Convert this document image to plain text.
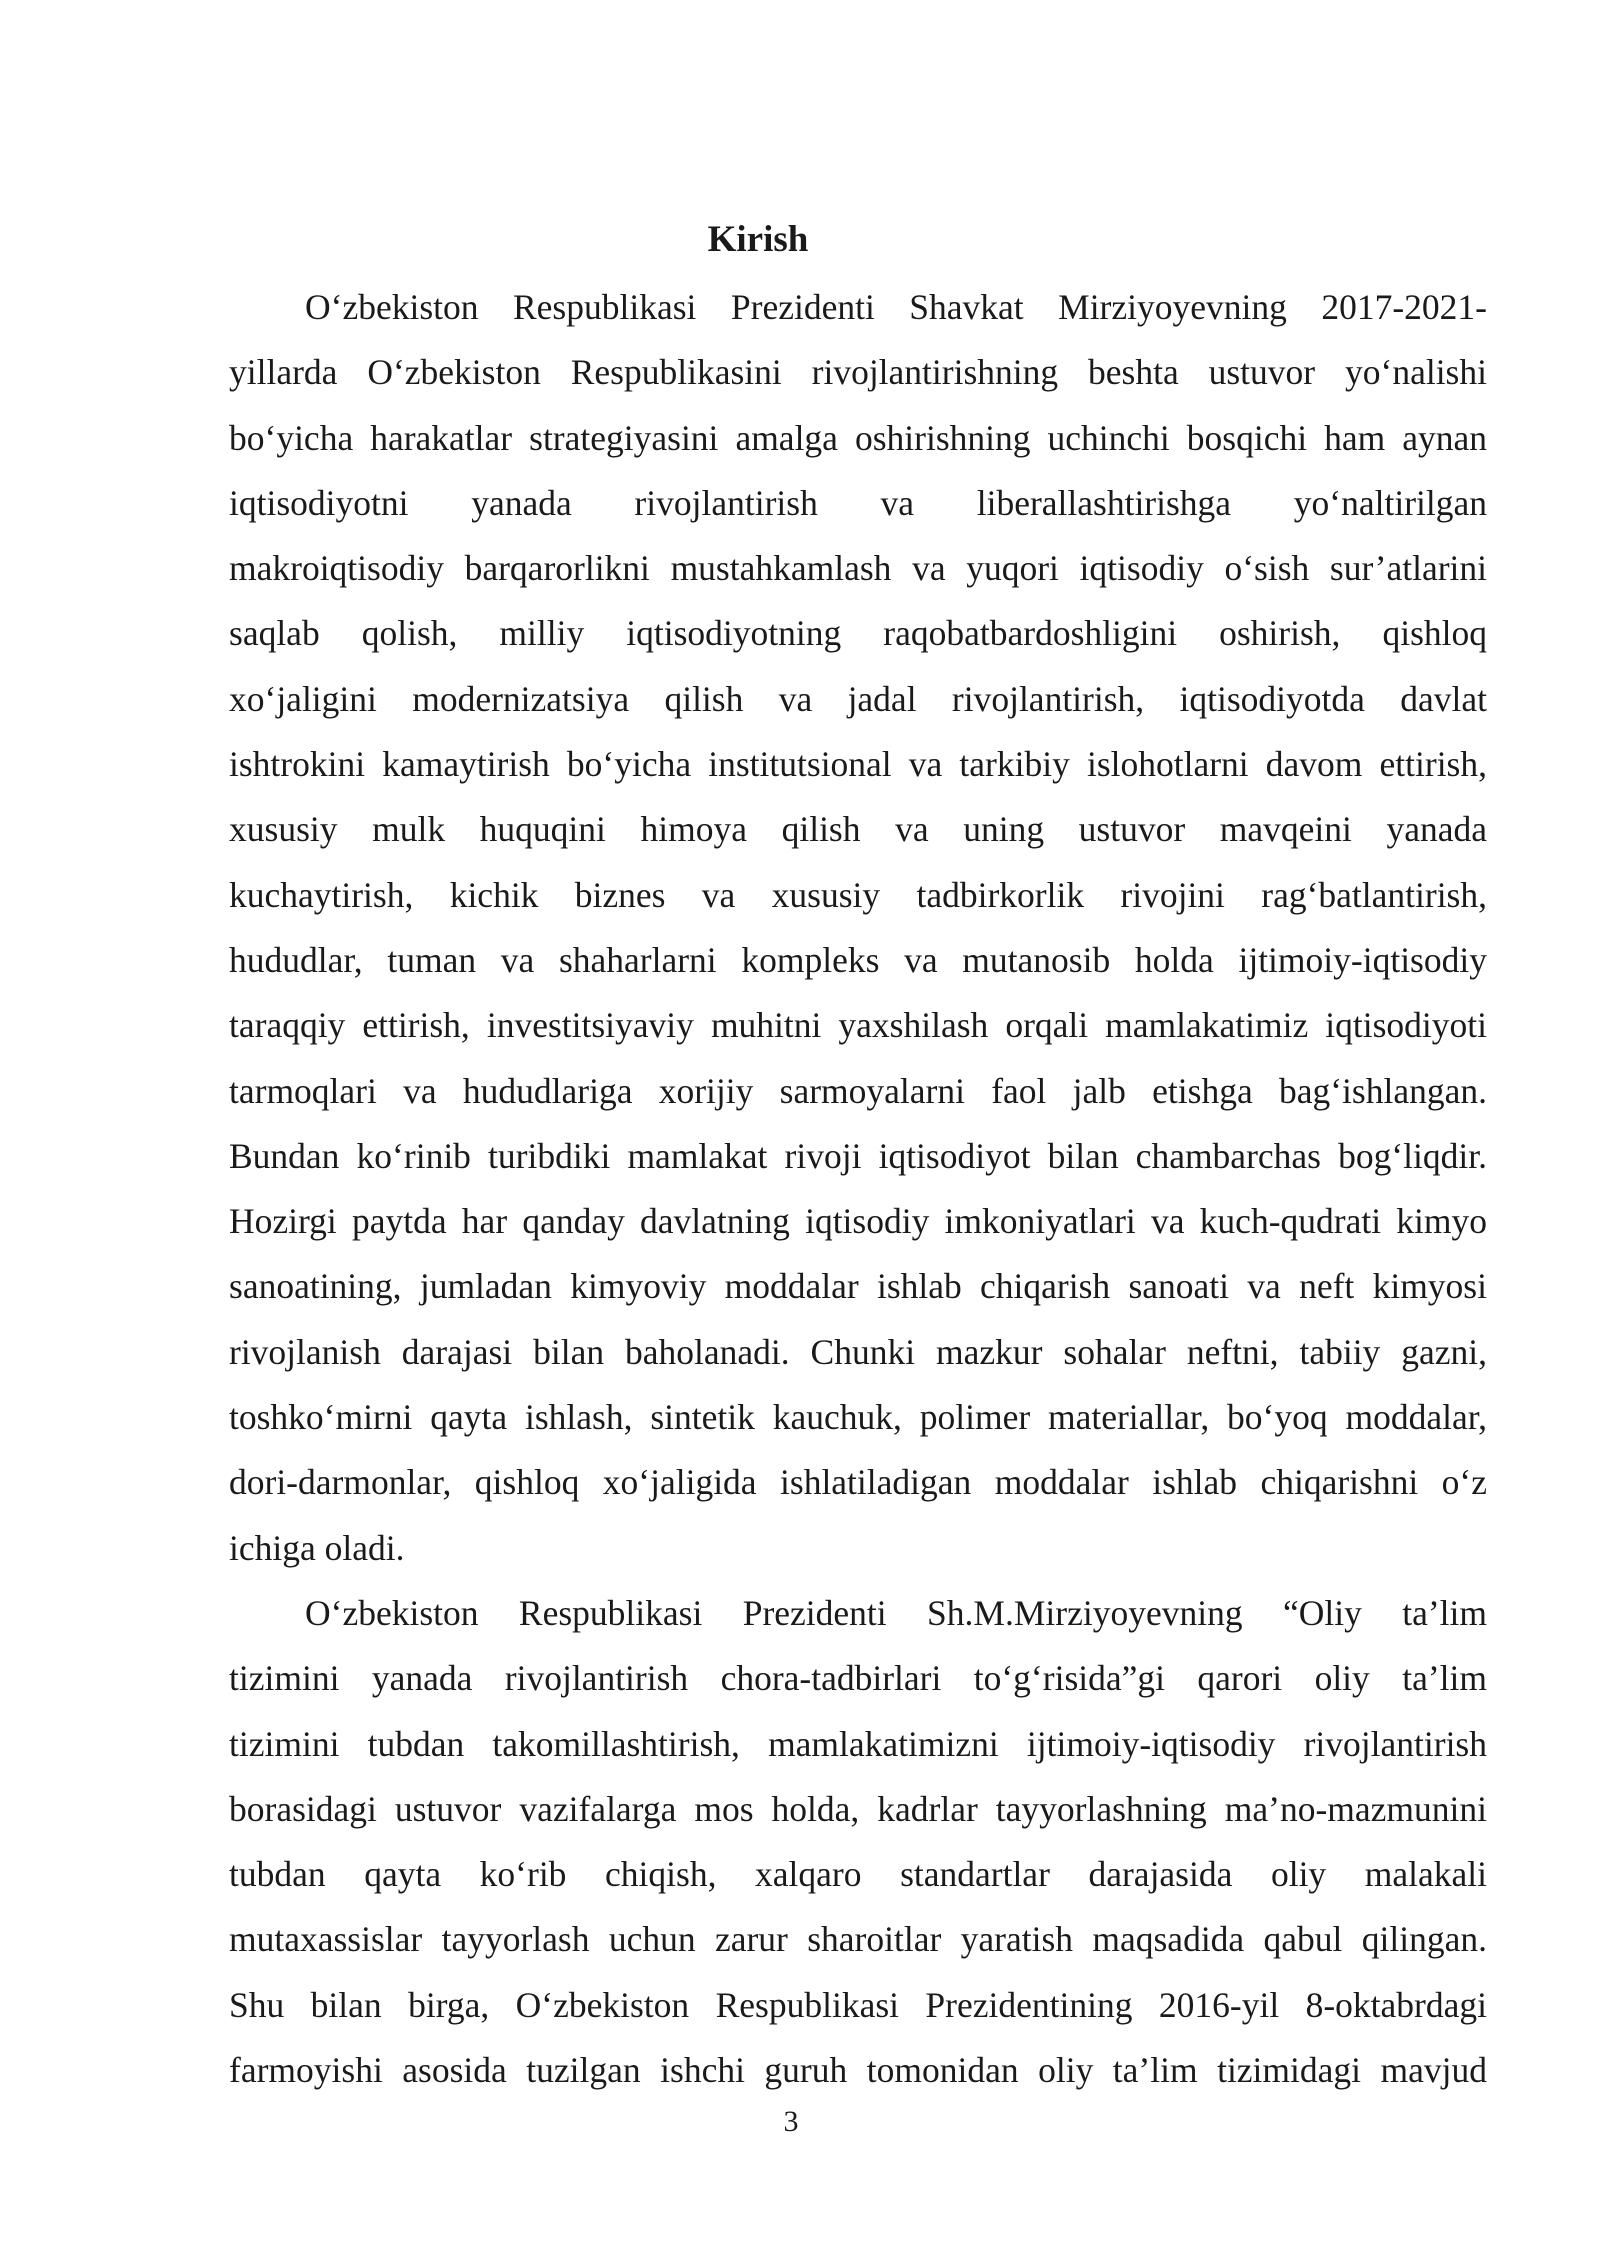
Kirish

O‘zbekiston Respublikasi Prezidenti Shavkat Mirziyoyevning 2017-2021-
yillarda O‘zbekiston Respublikasini rivojlantirishning beshta ustuvor yo‘nalishi
bo‘yicha harakatlar strategiyasini amalga oshirishning uchinchi bosqichi ham aynan
iqtisodiyotni yanada rivojlantirish va liberallashtirishga yo‘naltirilgan
makroiqtisodiy barqarorlikni mustahkamlash va yuqori iqtisodiy o‘sish sur’atlarini
saqlab qolish, milliy iqtisodiyotning raqobatbardoshligini oshirish, qishloq
xo‘jaligini modernizatsiya qilish va jadal rivojlantirish, iqtisodiyotda davlat
ishtrokini kamaytirish bo‘yicha institutsional va tarkibiy islohotlarni davom ettirish,
xususiy mulk huquqini himoya qilish va uning ustuvor mavqeini yanada
kuchaytirish, kichik biznes va xususiy tadbirkorlik rivojini rag‘batlantirish,
hududlar, tuman va shaharlarni kompleks va mutanosib holda ijtimoiy-iqtisodiy
taraqqiy ettirish, investitsiyaviy muhitni yaxshilash orqali mamlakatimiz iqtisodiyoti
tarmoqlari va hududlariga xorijiy sarmoyalarni faol jalb etishga bag‘ishlangan.
Bundan ko‘rinib turibdiki mamlakat rivoji iqtisodiyot bilan chambarchas bog‘liqdir.
Hozirgi paytda har qanday davlatning iqtisodiy imkoniyatlari va kuch-qudrati kimyo
sanoatining, jumladan kimyoviy moddalar ishlab chiqarish sanoati va neft kimyosi
rivojlanish darajasi bilan baholanadi. Chunki mazkur sohalar neftni, tabiiy gazni,
toshko‘mirni qayta ishlash, sintetik kauchuk, polimer materiallar, bo‘yoq moddalar,
dori-darmonlar, qishloq xo‘jaligida ishlatiladigan moddalar ishlab chiqarishni o‘z
ichiga oladi.

O‘zbekiston Respublikasi Prezidenti Sh.M.Mirziyoyevning “Oliy ta’lim
tizimini yanada rivojlantirish chora-tadbirlari to‘g‘risida”gi qarori oliy ta’lim
tizimini tubdan takomillashtirish, mamlakatimizni ijtimoiy-iqtisodiy rivojlantirish
borasidagi ustuvor vazifalarga mos holda, kadrlar tayyorlashning ma’no-mazmunini
tubdan qayta ko‘rib chiqish, xalqaro standartlar darajasida oliy malakali
mutaxassislar tayyorlash uchun zarur sharoitlar yaratish maqsadida qabul qilingan.
Shu bilan birga, O‘zbekiston Respublikasi Prezidentining 2016-yil 8-oktabrdagi
farmoyishi asosida tuzilgan ishchi guruh tomonidan oliy ta’lim tizimidagi mavjud

3
